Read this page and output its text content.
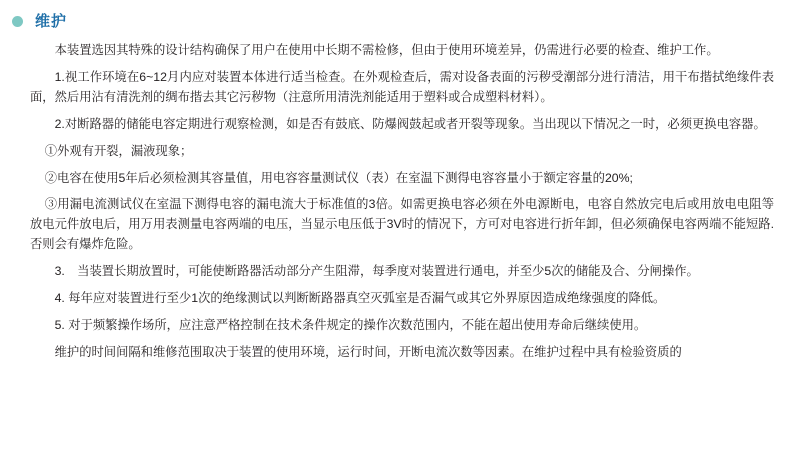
维护

本装置选因其特殊的设计结构确保了用户在使用中长期不需检修，但由于使用环境差异，仍需进行必要的检查、维护工作。

1.视工作环境在6~12月内应对装置本体进行适当检查。在外观检查后，需对设备表面的污秽受潮部分进行清洁，用干布揩拭绝缘件表面，然后用沾有清洗剂的绸布揩去其它污秽物（注意所用清洗剂能适用于塑料或合成塑料材料）。

2.对断路器的储能电容定期进行观察检测，如是否有鼓底、防爆阀鼓起或者开裂等现象。当出现以下情况之一时，必须更换电容器。

①外观有开裂，漏液现象；

②电容在使用5年后必须检测其容量值，用电容容量测试仪（表）在室温下测得电容容量小于额定容量的20%;

③用漏电流测试仪在室温下测得电容的漏电流大于标准值的3倍。如需更换电容必须在外电源断电，电容自然放完电后或用放电电阻等放电元件放电后，用万用表测量电容两端的电压，当显示电压低于3V时的情况下，方可对电容进行折年卸，但必须确保电容两端不能短路.否则会有爆炸危险。

3.　当装置长期放置时，可能使断路器活动部分产生阻滞，每季度对装置进行通电，并至少5次的储能及合、分闸操作。

4. 每年应对装置进行至少1次的绝缘测试以判断断路器真空灭弧室是否漏气或其它外界原因造成绝缘强度的降低。

5. 对于频繁操作场所，应注意严格控制在技术条件规定的操作次数范围内，不能在超出使用寿命后继续使用。

维护的时间间隔和维修范围取决于装置的使用环境，运行时间，开断电流次数等因素。在维护过程中具有检验资质的
